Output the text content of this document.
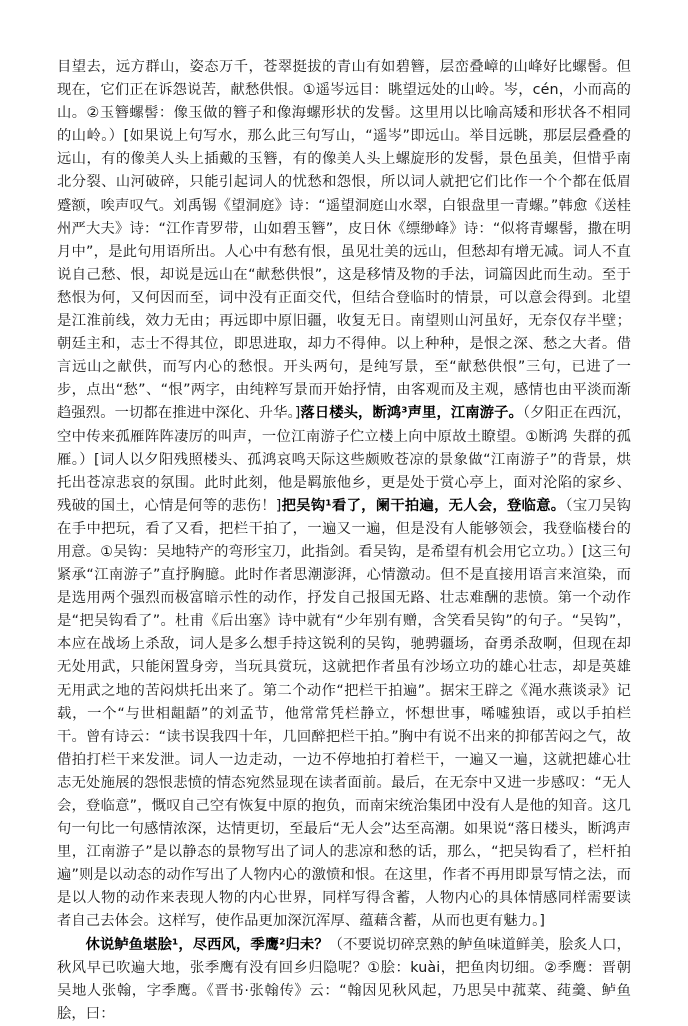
目望去，远方群山，姿态万千，苍翠挺拔的青山有如碧簪，层峦叠嶂的山峰好比螺髻。但现在，它们正在诉怨说苦，献愁供恨。①遥岑远目：眺望远处的山岭。岑，cén，小而高的山。②玉簪螺髻：像玉做的簪子和像海螺形状的发髻。这里用以比喻高矮和形状各不相同的山岭。）[如果说上句写水，那么此三句写山，“遥岑”即远山。举目远眺，那层层叠叠的远山，有的像美人头上插戴的玉簪，有的像美人头上螺旋形的发髻，景色虽美，但惜乎南北分裂、山河破碎，只能引起词人的忧愁和怨恨，所以词人就把它们比作一个个都在低眉蹙额，唉声叹气。刘禹锡《望洞庭》诗：“遥望洞庭山水翠，白银盘里一青螺。”韩愈《送桂州严大夫》诗：“江作青罗带，山如碧玉簪”，皮日休《缥缈峰》诗：“似将青螺髻，撒在明月中”，是此句用语所出。人心中有愁有恨，虽见壮美的远山，但愁却有增无减。词人不直说自己愁、恨，却说是远山在“献愁供恨”，这是移情及物的手法，词篇因此而生动。至于愁恨为何，又何因而至，词中没有正面交代，但结合登临时的情景，可以意会得到。北望是江淮前线，效力无由；再远即中原旧疆，收复无日。南望则山河虽好，无奈仅存半壁；朝廷主和，志士不得其位，即思进取，却力不得伸。以上种种，是恨之深、愁之大者。借言远山之献供，而写内心的愁恨。开头两句，是纯写景，至“献愁供恨”三句，已进了一步，点出“愁”、“恨”两字，由纯粹写景而开始抒情，由客观而及主观，感情也由平淡而渐趋强烈。一切都在推进中深化、升华。]落日楼头，断鸿³声里，江南游子。（夕阳正在西沉，空中传来孤雁阵阵凄厉的叫声，一位江南游子伫立楼上向中原故土瞭望。①断鸿 失群的孤雁。）[词人以夕阳残照楼头、孤鸿哀鸣天际这些颇败苍凉的景象做“江南游子”的背景，烘托出苍凉悲哀的氛围。此时此刻，他是羁旅他乡，更是处于赏心亭上，面对沦陷的家乡、残破的国土，心情是何等的悲伤！]把吴钩¹看了，阑干拍遍，无人会，登临意。（宝刀吴钩在手中把玩，看了又看，把栏干拍了，一遍又一遍，但是没有人能够领会，我登临楼台的用意。①吴钩：吴地特产的弯形宝刀，此指剑。看吴钩，是希望有机会用它立功。）[这三句紧承“江南游子”直抒胸臆。此时作者思潮澎湃，心情激动。但不是直接用语言来渲染，而是选用两个强烈而极富暗示性的动作，抒发自己报国无路、壮志难酬的悲愤。第一个动作是“把吴钩看了”。杜甫《后出塞》诗中就有“少年别有赠，含笑看吴钩”的句子。“吴钩”，本应在战场上杀敌，词人是多么想手持这锐利的吴钩，驰骋疆场，奋勇杀敌啊，但现在却无处用武，只能闲置身旁，当玩具赏玩，这就把作者虽有沙场立功的雄心壮志，却是英雄无用武之地的苦闷烘托出来了。第二个动作“把栏干拍遍”。据宋王辟之《渑水燕谈录》记载，一个“与世相龃龉”的刘孟节，他常常凭栏静立，怀想世事，唏嘘独语，或以手拍栏干。曾有诗云：“读书误我四十年，几回醉把栏干拍。”胸中有说不出来的抑郁苦闷之气，故借拍打栏干来发泄。词人一边走动，一边不停地拍打着栏干，一遍又一遍，这就把雄心壮志无处施展的怨恨悲愤的情态宛然显现在读者面前。最后，在无奈中又进一步感叹：“无人会，登临意”，慨叹自己空有恢复中原的抱负，而南宋统治集团中没有人是他的知音。这几句一句比一句感情浓深，达情更切，至最后“无人会”达至高潮。如果说“落日楼头，断鸿声里，江南游子”是以静态的景物写出了词人的悲凉和愁的话，那么，“把吴钩看了，栏杆拍遍”则是以动态的动作写出了人物内心的激愤和恨。在这里，作者不再用即景写情之法，而是以人物的动作来表现人物的内心世界，同样写得含蓄，人物内心的具体情感同样需要读者自己去体会。这样写，使作品更加深沉浑厚、蕴藉含蓄，从而也更有魅力。]

休说鲈鱼堪脍¹，尽西风，季鹰²归未？（不要说切碎烹熟的鲈鱼味道鲜美，脍炙人口，秋风早已吹遍大地，张季鹰有没有回乡归隐呢？①脍：kuài，把鱼肉切细。②季鹰：晋朝吴地人张翰，字季鹰。《晋书·张翰传》云：“翰因见秋风起，乃思吴中菰菜、莼羹、鲈鱼脍，曰：
